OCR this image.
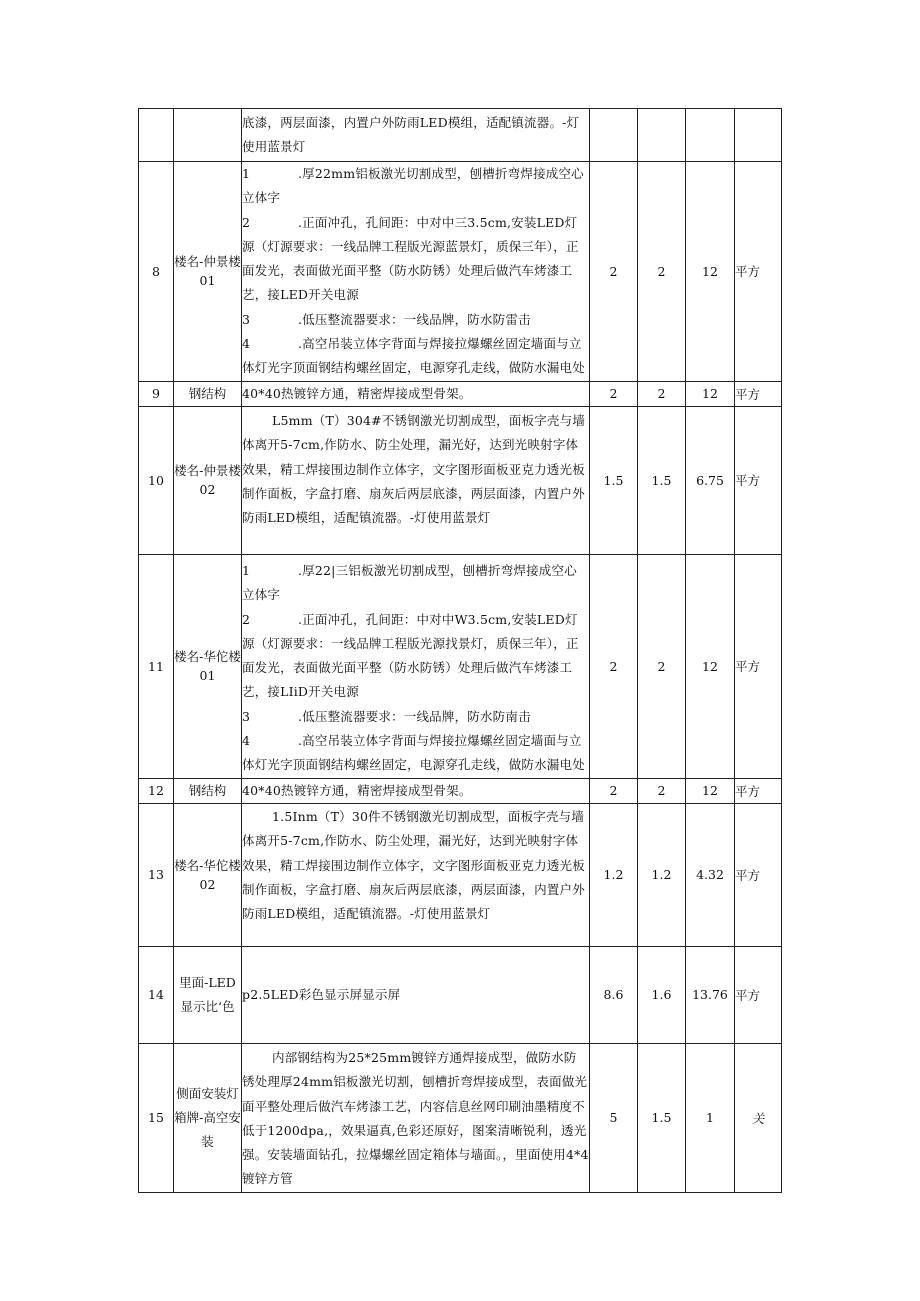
		底漆，两层面漆，内置户外防雨LED模组，适配镇流器。-灯使用蓝景灯				

8	楼名-仲景楼01	1 .厚22mm铝板激光切割成型，刨槽折弯焊接成空心立体字
2 .正面冲孔，孔间距：中对中三3.5cm,安装LED灯源（灯源要求：一线品牌工程版光源蓝景灯，质保三年），正面发光，表面做光面平整（防水防锈）处理后做汽车烤漆工艺，接LED开关电源
3 .低压整流器要求：一线品牌，防水防雷击
4 .高空吊装立体字背面与焊接拉爆螺丝固定墙面与立体灯光字顶面钢结构螺丝固定，电源穿孔走线，做防水漏电处	2	2	12	平方
9	钢结构	40*40热镀锌方通，精密焊接成型骨架。	2	2	12	平方
10	楼名-仲景楼02	L5mm（T）304#不锈钢激光切割成型，面板字壳与墙体离开5-7cm,作防水、防尘处理，漏光好，达到光映射字体效果，精工焊接围边制作立体字，文字图形面板亚克力透光板制作面板，字盒打磨、扇灰后两层底漆，两层面漆，内置户外防雨LED模组，适配镇流器。-灯使用蓝景灯	1.5	1.5	6.75	平方
11	楼名-华佗楼01	1 .厚22|三铝板激光切割成型，刨槽折弯焊接成空心立体字
2 .正面冲孔，孔间距：中对中W3.5cm,安装LED灯源（灯源要求：一线品牌工程版光源找景灯，质保三年），正面发光，表面做光面平整（防水防锈）处理后做汽车烤漆工艺，接LIiD开关电源
3 .低压整流器要求：一线品牌，防水防南击
4 .高空吊装立体字背面与焊接拉爆螺丝固定墙面与立体灯光字顶面钢结构螺丝固定，电源穿孔走线，做防水漏电处	2	2	12	平方
12	钢结构	40*40热镀锌方通，精密焊接成型骨架。	2	2	12	平方
13	楼名-华佗楼02	1.5Inm（T）30件不锈钢激光切割成型，面板字壳与墙体离开5-7cm,作防水、防尘处理，漏光好，达到光映射字体效果，精工焊接围边制作立体字，文字图形面板亚克力透光板制作面板，字盒打磨、扇灰后两层底漆，两层面漆，内置户外防雨LED模组，适配镇流器。-灯使用蓝景灯	1.2	1.2	4.32	平方
14	里面-LED显示比‘色	p2.5LED彩色显示屏显示屏	8.6	1.6	13.76	平方
15	侧面安装灯箱牌-高空安装	内部钢结构为25*25mm镀锌方通焊接成型，做防水防锈处理厚24mm铝板激光切割，刨槽折弯焊接成型，表面做光面平整处理后做汽车烤漆工艺，内容信息丝网印刷油墨精度不低于1200dpa,，效果逼真,色彩还原好，图案清晰锐利，透光强。安装墙面钻孔，拉爆螺丝固定箱体与墙面。，里面使用4*4镀锌方管	5	1.5	1	关
